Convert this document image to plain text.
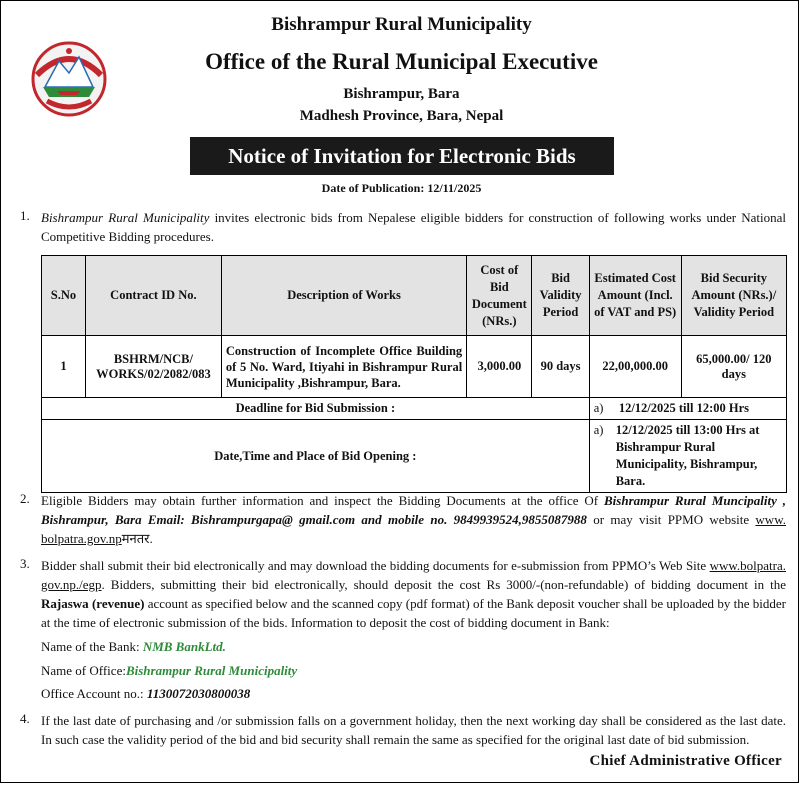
Bishrampur Rural Municipality
Office of the Rural Municipal Executive
Bishrampur, Bara
Madhesh Province, Bara, Nepal
Notice of Invitation for Electronic Bids
Date of Publication: 12/11/2025
1. Bishrampur Rural Municipality invites electronic bids from Nepalese eligible bidders for construction of following works under National Competitive Bidding procedures.
S.No	Contract ID No.	Description of Works	Cost of Bid Document (NRs.)	Bid Validity Period	Estimated Cost Amount (Incl. of VAT and PS)	Bid Security Amount (NRs.)/ Validity Period
1	BSHRM/NCB/ WORKS/02/2082/083	Construction of Incomplete Office Building of 5 No. Ward, Itiyahi in Bishrampur Rural Municipality ,Bishrampur, Bara.	3,000.00	90 days	22,00,000.00	65,000.00/ 120 days
Deadline for Bid Submission :					a) 12/12/2025 till 12:00 Hrs	
Date,Time and Place of Bid Opening :					a) 12/12/2025 till 13:00 Hrs at Bishrampur Rural Municipality, Bishrampur, Bara.	
2. Eligible Bidders may obtain further information and inspect the Bidding Documents at the office Of Bishrampur Rural Muncipality , Bishrampur, Bara Email: Bishrampurgapa@ gmail.com and mobile no. 9849939524,9855087988 or may visit PPMO website www. bolpatra.gov.npमनतर.
3. Bidder shall submit their bid electronically and may download the bidding documents for e-submission from PPMO’s Web Site www.bolpatra. gov.np./egp. Bidders, submitting their bid electronically, should deposit the cost Rs 3000/-(non-refundable) of bidding document in the Rajaswa (revenue) account as specified below and the scanned copy (pdf format) of the Bank deposit voucher shall be uploaded by the bidder at the time of electronic submission of the bids. Information to deposit the cost of bidding document in Bank:
Name of the Bank: NMB BankLtd.
Name of Office:Bishrampur Rural Municipality
Office Account no.: 1130072030800038
4. If the last date of purchasing and /or submission falls on a government holiday, then the next working day shall be considered as the last date. In such case the validity period of the bid and bid security shall remain the same as specified for the original last date of bid submission.
Chief Administrative Officer
